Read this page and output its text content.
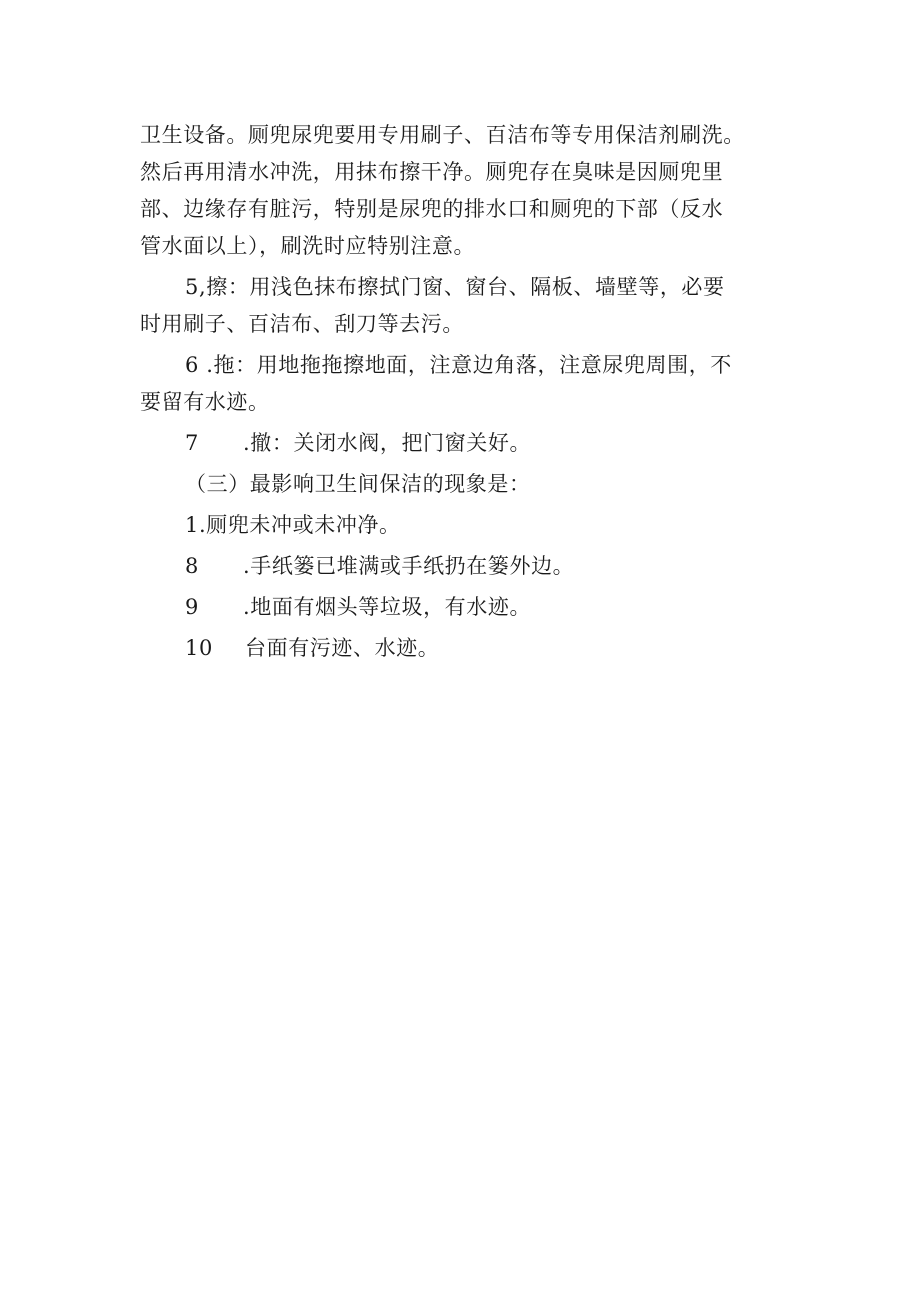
卫生设备。厕兜尿兜要用专用刷子、百洁布等专用保洁剂刷洗。
然后再用清水冲洗，用抹布擦干净。厕兜存在臭味是因厕兜里
部、边缘存有脏污，特别是尿兜的排水口和厕兜的下部（反水
管水面以上），刷洗时应特别注意。
5,擦：用浅色抹布擦拭门窗、窗台、隔板、墙壁等，必要
时用刷子、百洁布、刮刀等去污。
6 .拖：用地拖拖擦地面，注意边角落，注意尿兜周围，不
要留有水迹。
7 .撤：关闭水阀，把门窗关好。
（三）最影响卫生间保洁的现象是：
1.厕兜未冲或未冲净。
8 .手纸篓已堆满或手纸扔在篓外边。
9 .地面有烟头等垃圾，有水迹。
10 台面有污迹、水迹。
